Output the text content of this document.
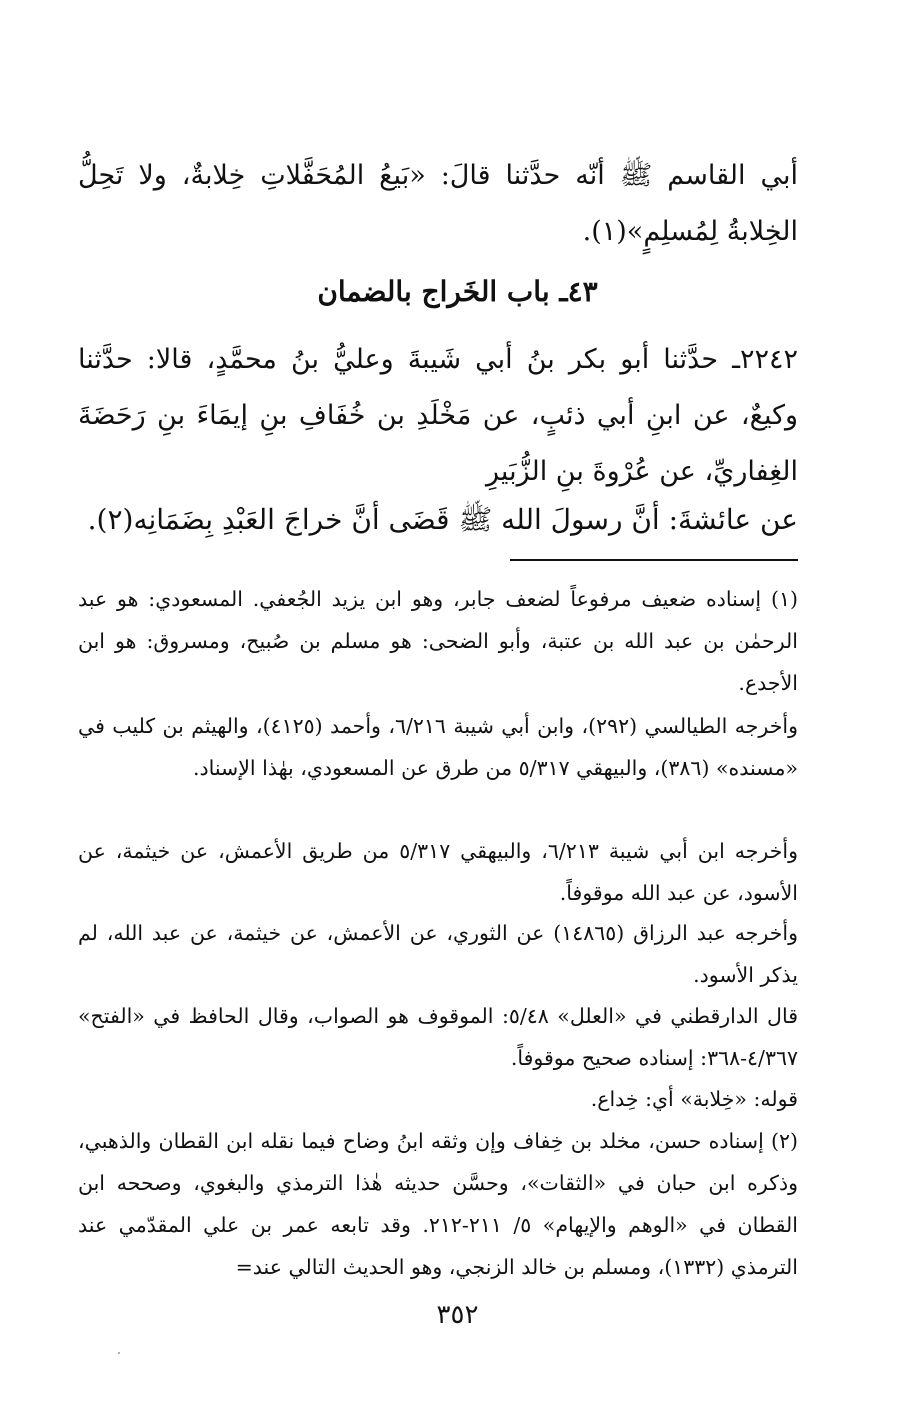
أبي القاسم ﷺ أنّه حدَّثنا قالَ: «بَيعُ المُحَفَّلاتِ خِلابةٌ، ولا تَحِلُّ الخِلابةُ لِمُسلِمٍ»(١).
٤٣ـ باب الخَراج بالضمان
٢٢٤٢ـ حدَّثنا أبو بكر بنُ أبي شَيبةَ وعليُّ بنُ محمَّدٍ، قالا: حدَّثنا وكيعٌ، عن ابنِ أبي ذئبٍ، عن مَخْلَدِ بن خُفَافِ بنِ إيمَاءَ بنِ رَحَضَةَ الغِفاريِّ، عن عُرْوةَ بنِ الزُّبَيرِ
عن عائشةَ: أنَّ رسولَ الله ﷺ قَضَى أنَّ خراجَ العَبْدِ بِضَمَانِه(٢).
(١) إسناده ضعيف مرفوعاً لضعف جابر، وهو ابن يزيد الجُعفي. المسعودي: هو عبد الرحمٰن بن عبد الله بن عتبة، وأبو الضحى: هو مسلم بن صُبيح، ومسروق: هو ابن الأجدع.
وأخرجه الطيالسي (٢٩٢)، وابن أبي شيبة ٦/٢١٦، وأحمد (٤١٢٥)، والهيثم بن كليب في «مسنده» (٣٨٦)، والبيهقي ٥/٣١٧ من طرق عن المسعودي، بهٰذا الإسناد.
وأخرجه ابن أبي شيبة ٦/٢١٣، والبيهقي ٥/٣١٧ من طريق الأعمش، عن خيثمة، عن الأسود، عن عبد الله موقوفاً.
وأخرجه عبد الرزاق (١٤٨٦٥) عن الثوري، عن الأعمش، عن خيثمة، عن عبد الله، لم يذكر الأسود.
قال الدارقطني في «العلل» ٥/٤٨: الموقوف هو الصواب، وقال الحافظ في «الفتح» ٤/٣٦٧-٣٦٨: إسناده صحيح موقوفاً.
قوله: «خِلابة» أي: خِداع.
(٢) إسناده حسن، مخلد بن خِفاف وإن وثقه ابنُ وضاح فيما نقله ابن القطان والذهبي، وذكره ابن حبان في «الثقات»، وحسَّن حديثه هٰذا الترمذي والبغوي، وصححه ابن القطان في «الوهم والإيهام» ٥/ ٢١١-٢١٢. وقد تابعه عمر بن علي المقدّمي عند الترمذي (١٣٣٢)، ومسلم بن خالد الزنجي، وهو الحديث التالي عند=
٣٥٢
